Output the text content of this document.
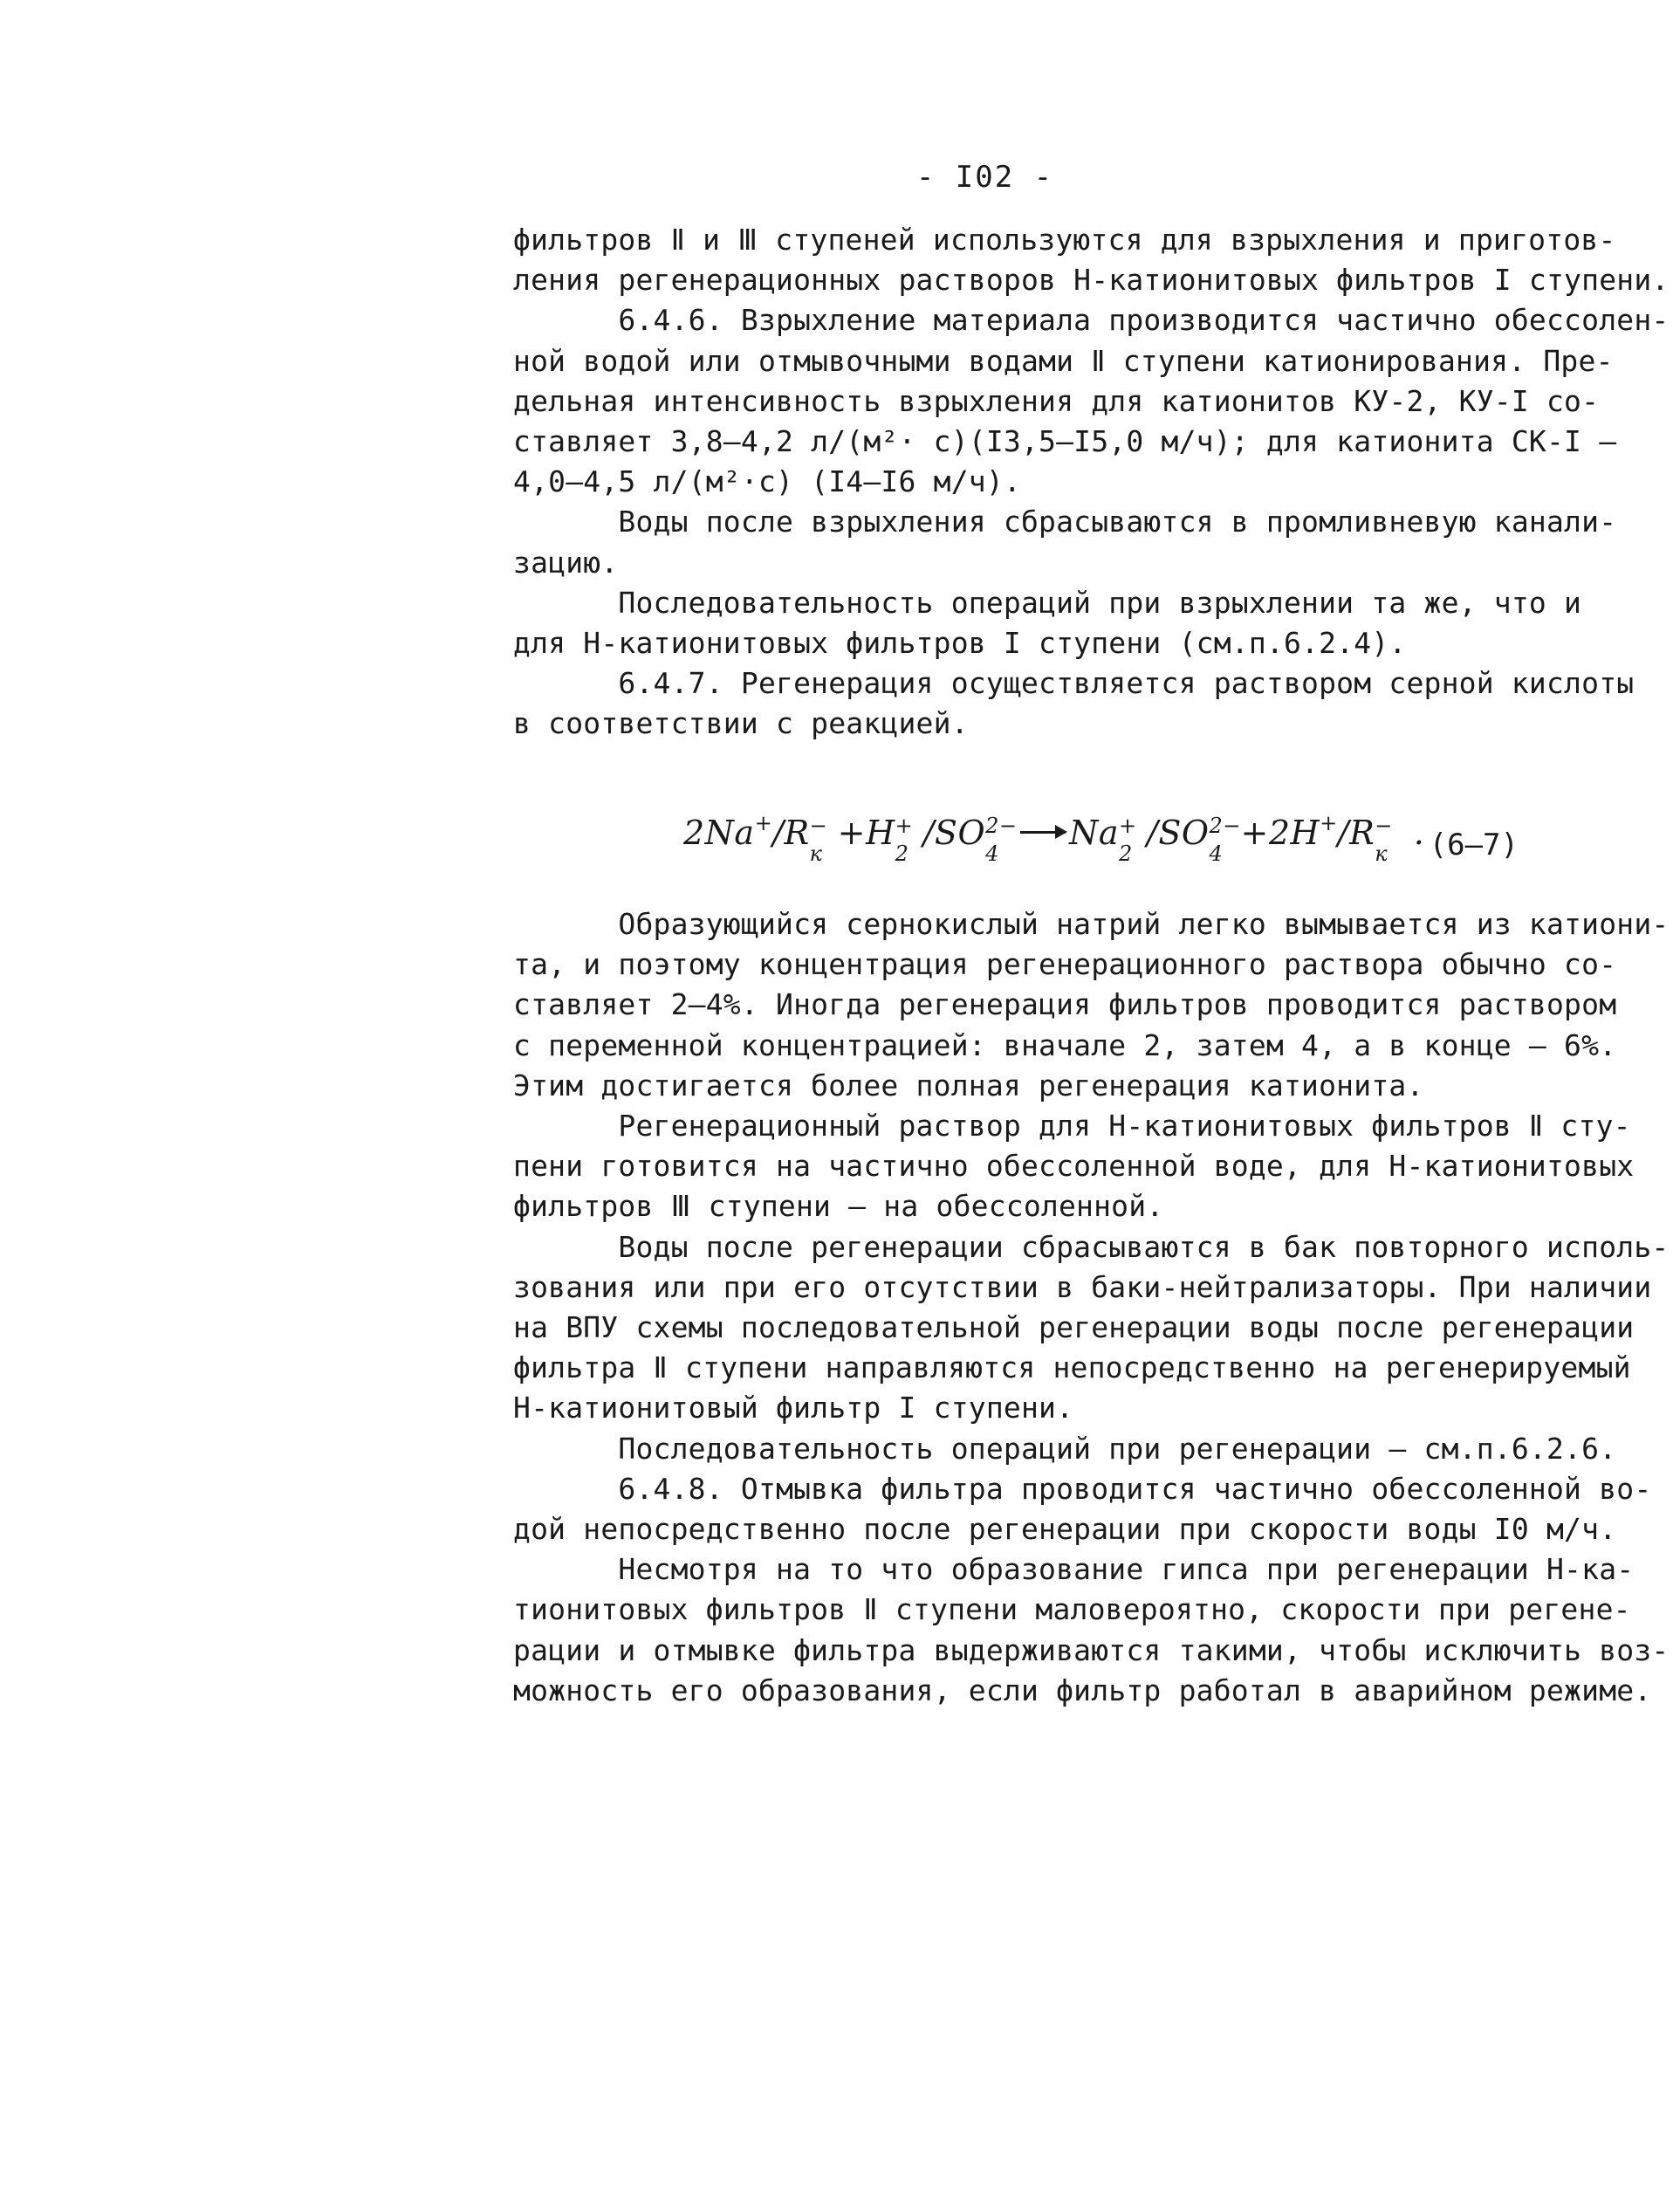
- I02 -
фильтров Ⅱ и Ⅲ ступеней используются для взрыхления и приготов-
ления регенерационных растворов Н-катионитовых фильтров I ступени.
6.4.6. Взрыхление материала производится частично обессолен-
ной водой или отмывочными водами Ⅱ ступени катионирования. Пре-
дельная интенсивность взрыхления для катионитов КУ-2, КУ-I со-
ставляет 3,8–4,2 л/(м²· с)(I3,5–I5,0 м/ч); для катионита СК-I –
4,0–4,5 л/(м²·с) (I4–I6 м/ч).
Воды после взрыхления сбрасываются в промливневую канали-
зацию.
Последовательность операций при взрыхлении та же, что и
для Н-катионитовых фильтров I ступени (см.п.6.2.4).
6.4.7. Регенерация осуществляется раствором серной кислоты
в соответствии с реакцией.
2Na+/R −
к
+H +
2
/SO 2−
4
→ Na +
2
/SO 2−
4
+2H+/R −
к
. (6–7)
Образующийся сернокислый натрий легко вымывается из катиони-
та, и поэтому концентрация регенерационного раствора обычно со-
ставляет 2–4%. Иногда регенерация фильтров проводится раствором
с переменной концентрацией: вначале 2, затем 4, а в конце – 6%.
Этим достигается более полная регенерация катионита.
Регенерационный раствор для Н-катионитовых фильтров Ⅱ сту-
пени готовится на частично обессоленной воде, для Н-катионитовых
фильтров Ⅲ ступени – на обессоленной.
Воды после регенерации сбрасываются в бак повторного исполь-
зования или при его отсутствии в баки-нейтрализаторы. При наличии
на ВПУ схемы последовательной регенерации воды после регенерации
фильтра Ⅱ ступени направляются непосредственно на регенерируемый
Н-катионитовый фильтр I ступени.
Последовательность операций при регенерации – см.п.6.2.6.
6.4.8. Отмывка фильтра проводится частично обессоленной во-
дой непосредственно после регенерации при скорости воды I0 м/ч.
Несмотря на то что образование гипса при регенерации Н-ка-
тионитовых фильтров Ⅱ ступени маловероятно, скорости при регене-
рации и отмывке фильтра выдерживаются такими, чтобы исключить воз-
можность его образования, если фильтр работал в аварийном режиме.
